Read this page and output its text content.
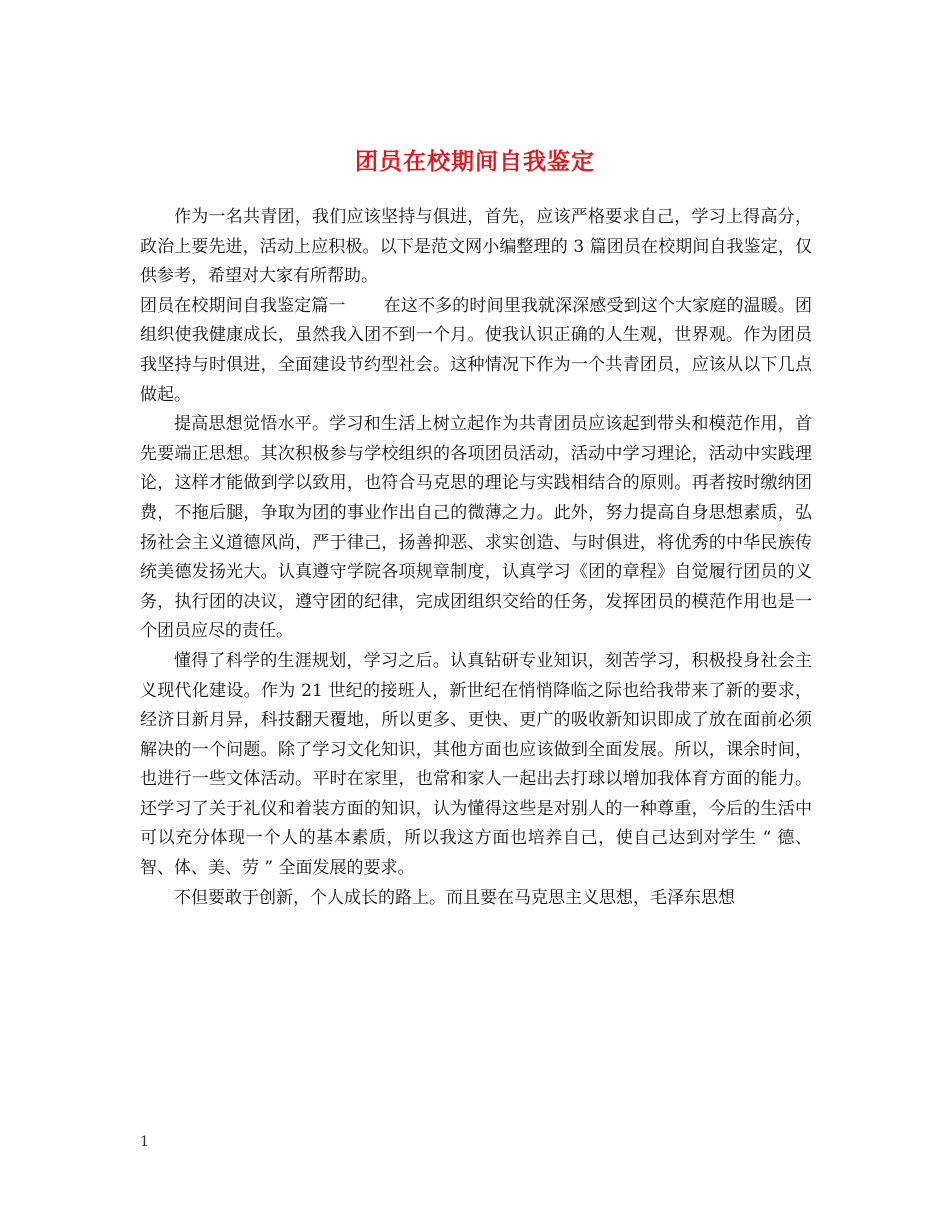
团员在校期间自我鉴定

作为一名共青团，我们应该坚持与俱进，首先，应该严格要求自己，学习上得高分，政治上要先进，活动上应积极。以下是范文网小编整理的 3 篇团员在校期间自我鉴定，仅供参考，希望对大家有所帮助。

团员在校期间自我鉴定篇一 在这不多的时间里我就深深感受到这个大家庭的温暖。团组织使我健康成长，虽然我入团不到一个月。使我认识正确的人生观，世界观。作为团员我坚持与时俱进，全面建设节约型社会。这种情况下作为一个共青团员，应该从以下几点做起。

提高思想觉悟水平。学习和生活上树立起作为共青团员应该起到带头和模范作用，首先要端正思想。其次积极参与学校组织的各项团员活动，活动中学习理论，活动中实践理论，这样才能做到学以致用，也符合马克思的理论与实践相结合的原则。再者按时缴纳团费，不拖后腿，争取为团的事业作出自己的微薄之力。此外，努力提高自身思想素质，弘扬社会主义道德风尚，严于律己，扬善抑恶、求实创造、与时俱进，将优秀的中华民族传统美德发扬光大。认真遵守学院各项规章制度，认真学习《团的章程》自觉履行团员的义务，执行团的决议，遵守团的纪律，完成团组织交给的任务，发挥团员的模范作用也是一个团员应尽的责任。

懂得了科学的生涯规划，学习之后。认真钻研专业知识，刻苦学习，积极投身社会主义现代化建设。作为 21 世纪的接班人，新世纪在悄悄降临之际也给我带来了新的要求，经济日新月异，科技翻天覆地，所以更多、更快、更广的吸收新知识即成了放在面前必须解决的一个问题。除了学习文化知识，其他方面也应该做到全面发展。所以，课余时间，也进行一些文体活动。平时在家里，也常和家人一起出去打球以增加我体育方面的能力。还学习了关于礼仪和着装方面的知识，认为懂得这些是对别人的一种尊重，今后的生活中可以充分体现一个人的基本素质，所以我这方面也培养自己，使自己达到对学生 “ 德、智、体、美、劳 ” 全面发展的要求。

不但要敢于创新，个人成长的路上。而且要在马克思主义思想，毛泽东思想

1
